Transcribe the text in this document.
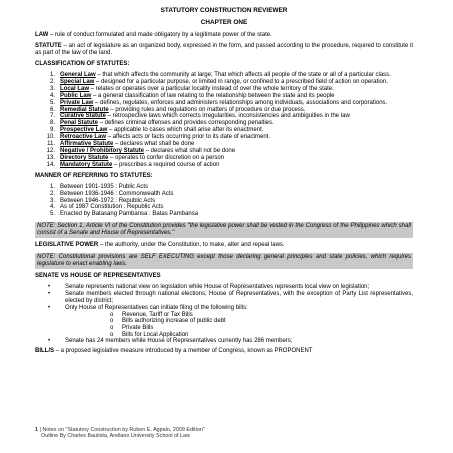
STATUTORY CONSTRUCTION REVIEWER
CHAPTER ONE

LAW – rule of conduct formulated and made obligatory by a legitimate power of the state.

STATUTE – an act of legislature as an organized body, expressed in the form, and passed according to the procedure, required to constitute it as part of the law of the land.

CLASSIFICATION OF STATUTES:
1. General Law – that which affects the community at large; That which affects all people of the state or all of a particular class.
2. Special Law – designed for a particular purpose, or limited in range, or confined to a prescribed field of action on operation.
3. Local Law – relates or operates over a particular locality instead of over the whole territory of the state.
4. Public Law – a general classification of law relating to the relationship between the state and its people
5. Private Law – defines, regulates, enforces and administers relationships among individuals, associations and corporations.
6. Remedial Statute – providing rules and regulations on matters of procedure or due process.
7. Curative Statute – retrospective laws which corrects irregularities, inconsistencies and ambiguities in the law
8. Penal Statute – defines criminal offenses and provides corresponding penalties.
9. Prospective Law – applicable to cases which shall arise after its enactment.
10. Retroactive Law – affects acts or facts occurring prior to its date of enactment.
11. Affirmative Statute – declares what shall be done
12. Negative / Prohibitory Statute – declares what shall not be done
13. Directory Statute – operates to confer discretion on a person
14. Mandatory Statute – prescribes a required course of action
MANNER OF REFERRING TO STATUTES:
1. Between 1901-1935 : Public Acts
2. Between 1936-1946 : Commonwealth Acts
3. Between 1946-1972 : Republic Acts
4. As of 1987 Constitution : Republic Acts
5. Enacted by Batasang Pambansa : Batas Pambansa
NOTE: Section 1, Article VI of the Constitution provides "the legislative power shall be vested in the Congress of the Philippines which shall consist of a Senate and House of Representatives."

LEGISLATIVE POWER – the authority, under the Constitution, to make, alter and repeal laws.

NOTE: Constitutional provisions are SELF EXECUTING except those declaring general principles and state policies, which requires legislature to enact enabling laws.
SENATE VS HOUSE OF REPRESENTATIVES
• Senate represents national view on legislation while House of Representatives represents local view on legislation;
• Senate members elected through national elections; House of Representatives, with the exception of Party List representatives, elected by district;
• Only House of Representatives can initiate filing of the following bills:
o Revenue, Tariff or Tax Bills
o Bills authorizing increase of public debt
o Private Bills
o Bills for Local Application
• Senate has 24 members while House of Representatives currently has 286 members;

BILL/S – a proposed legislative measure introduced by a member of Congress, known as PROPONENT

1 | Notes on "Statutory Construction by Ruben E. Agpalo, 2009 Edition"
Outline By Charles Bautista, Arellano University School of Law
